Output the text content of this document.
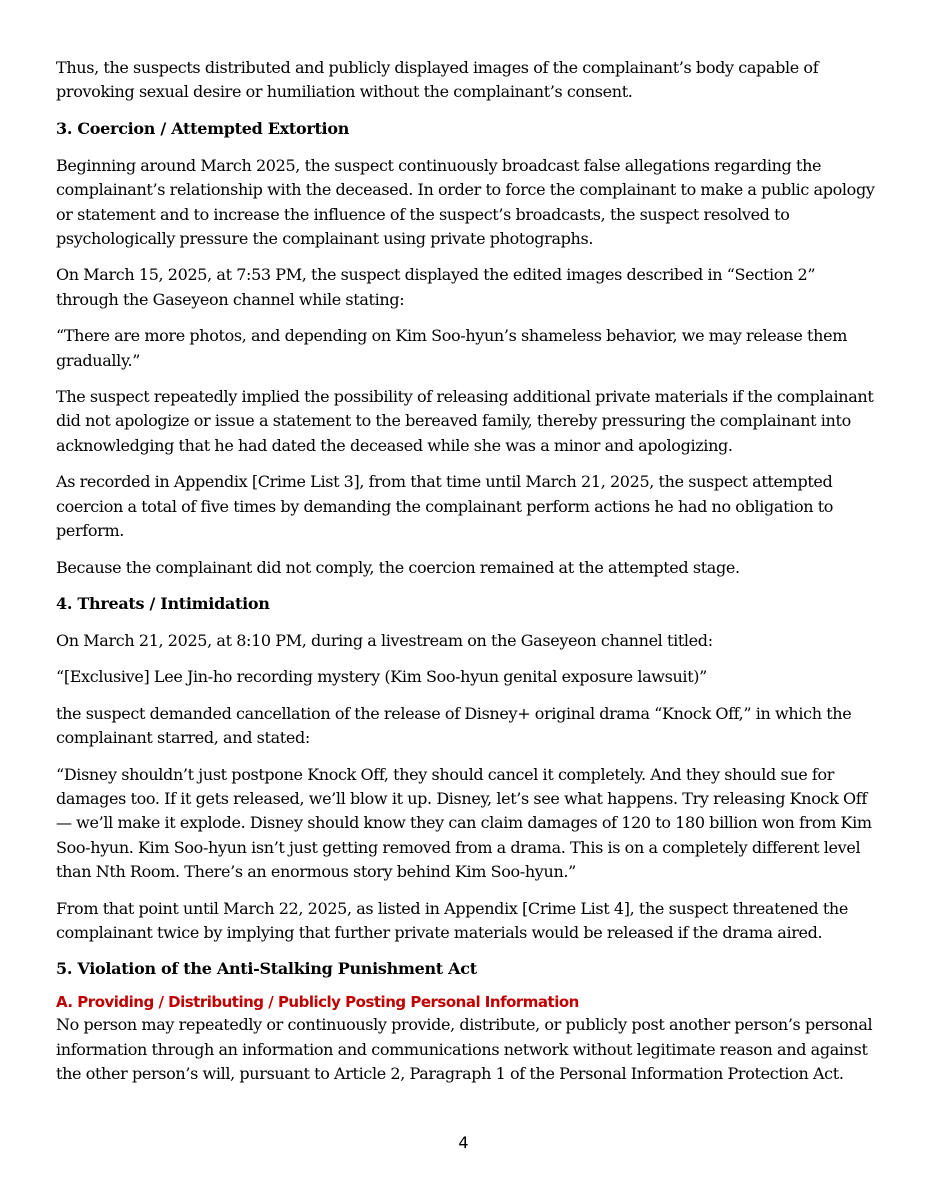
Thus, the suspects distributed and publicly displayed images of the complainant’s body capable of provoking sexual desire or humiliation without the complainant’s consent.

3. Coercion / Attempted Extortion

Beginning around March 2025, the suspect continuously broadcast false allegations regarding the complainant’s relationship with the deceased. In order to force the complainant to make a public apology or statement and to increase the influence of the suspect’s broadcasts, the suspect resolved to psychologically pressure the complainant using private photographs.

On March 15, 2025, at 7:53 PM, the suspect displayed the edited images described in “Section 2” through the Gaseyeon channel while stating:

“There are more photos, and depending on Kim Soo-hyun’s shameless behavior, we may release them gradually.”

The suspect repeatedly implied the possibility of releasing additional private materials if the complainant did not apologize or issue a statement to the bereaved family, thereby pressuring the complainant into acknowledging that he had dated the deceased while she was a minor and apologizing.

As recorded in Appendix [Crime List 3], from that time until March 21, 2025, the suspect attempted coercion a total of five times by demanding the complainant perform actions he had no obligation to perform.

Because the complainant did not comply, the coercion remained at the attempted stage.

4. Threats / Intimidation

On March 21, 2025, at 8:10 PM, during a livestream on the Gaseyeon channel titled:

“[Exclusive] Lee Jin-ho recording mystery (Kim Soo-hyun genital exposure lawsuit)”

the suspect demanded cancellation of the release of Disney+ original drama “Knock Off,” in which the complainant starred, and stated:

“Disney shouldn’t just postpone Knock Off, they should cancel it completely. And they should sue for damages too. If it gets released, we’ll blow it up. Disney, let’s see what happens. Try releasing Knock Off — we’ll make it explode. Disney should know they can claim damages of 120 to 180 billion won from Kim Soo-hyun. Kim Soo-hyun isn’t just getting removed from a drama. This is on a completely different level than Nth Room. There’s an enormous story behind Kim Soo-hyun.”

From that point until March 22, 2025, as listed in Appendix [Crime List 4], the suspect threatened the complainant twice by implying that further private materials would be released if the drama aired.

5. Violation of the Anti-Stalking Punishment Act
A. Providing / Distributing / Publicly Posting Personal Information

No person may repeatedly or continuously provide, distribute, or publicly post another person’s personal information through an information and communications network without legitimate reason and against the other person’s will, pursuant to Article 2, Paragraph 1 of the Personal Information Protection Act.

4
